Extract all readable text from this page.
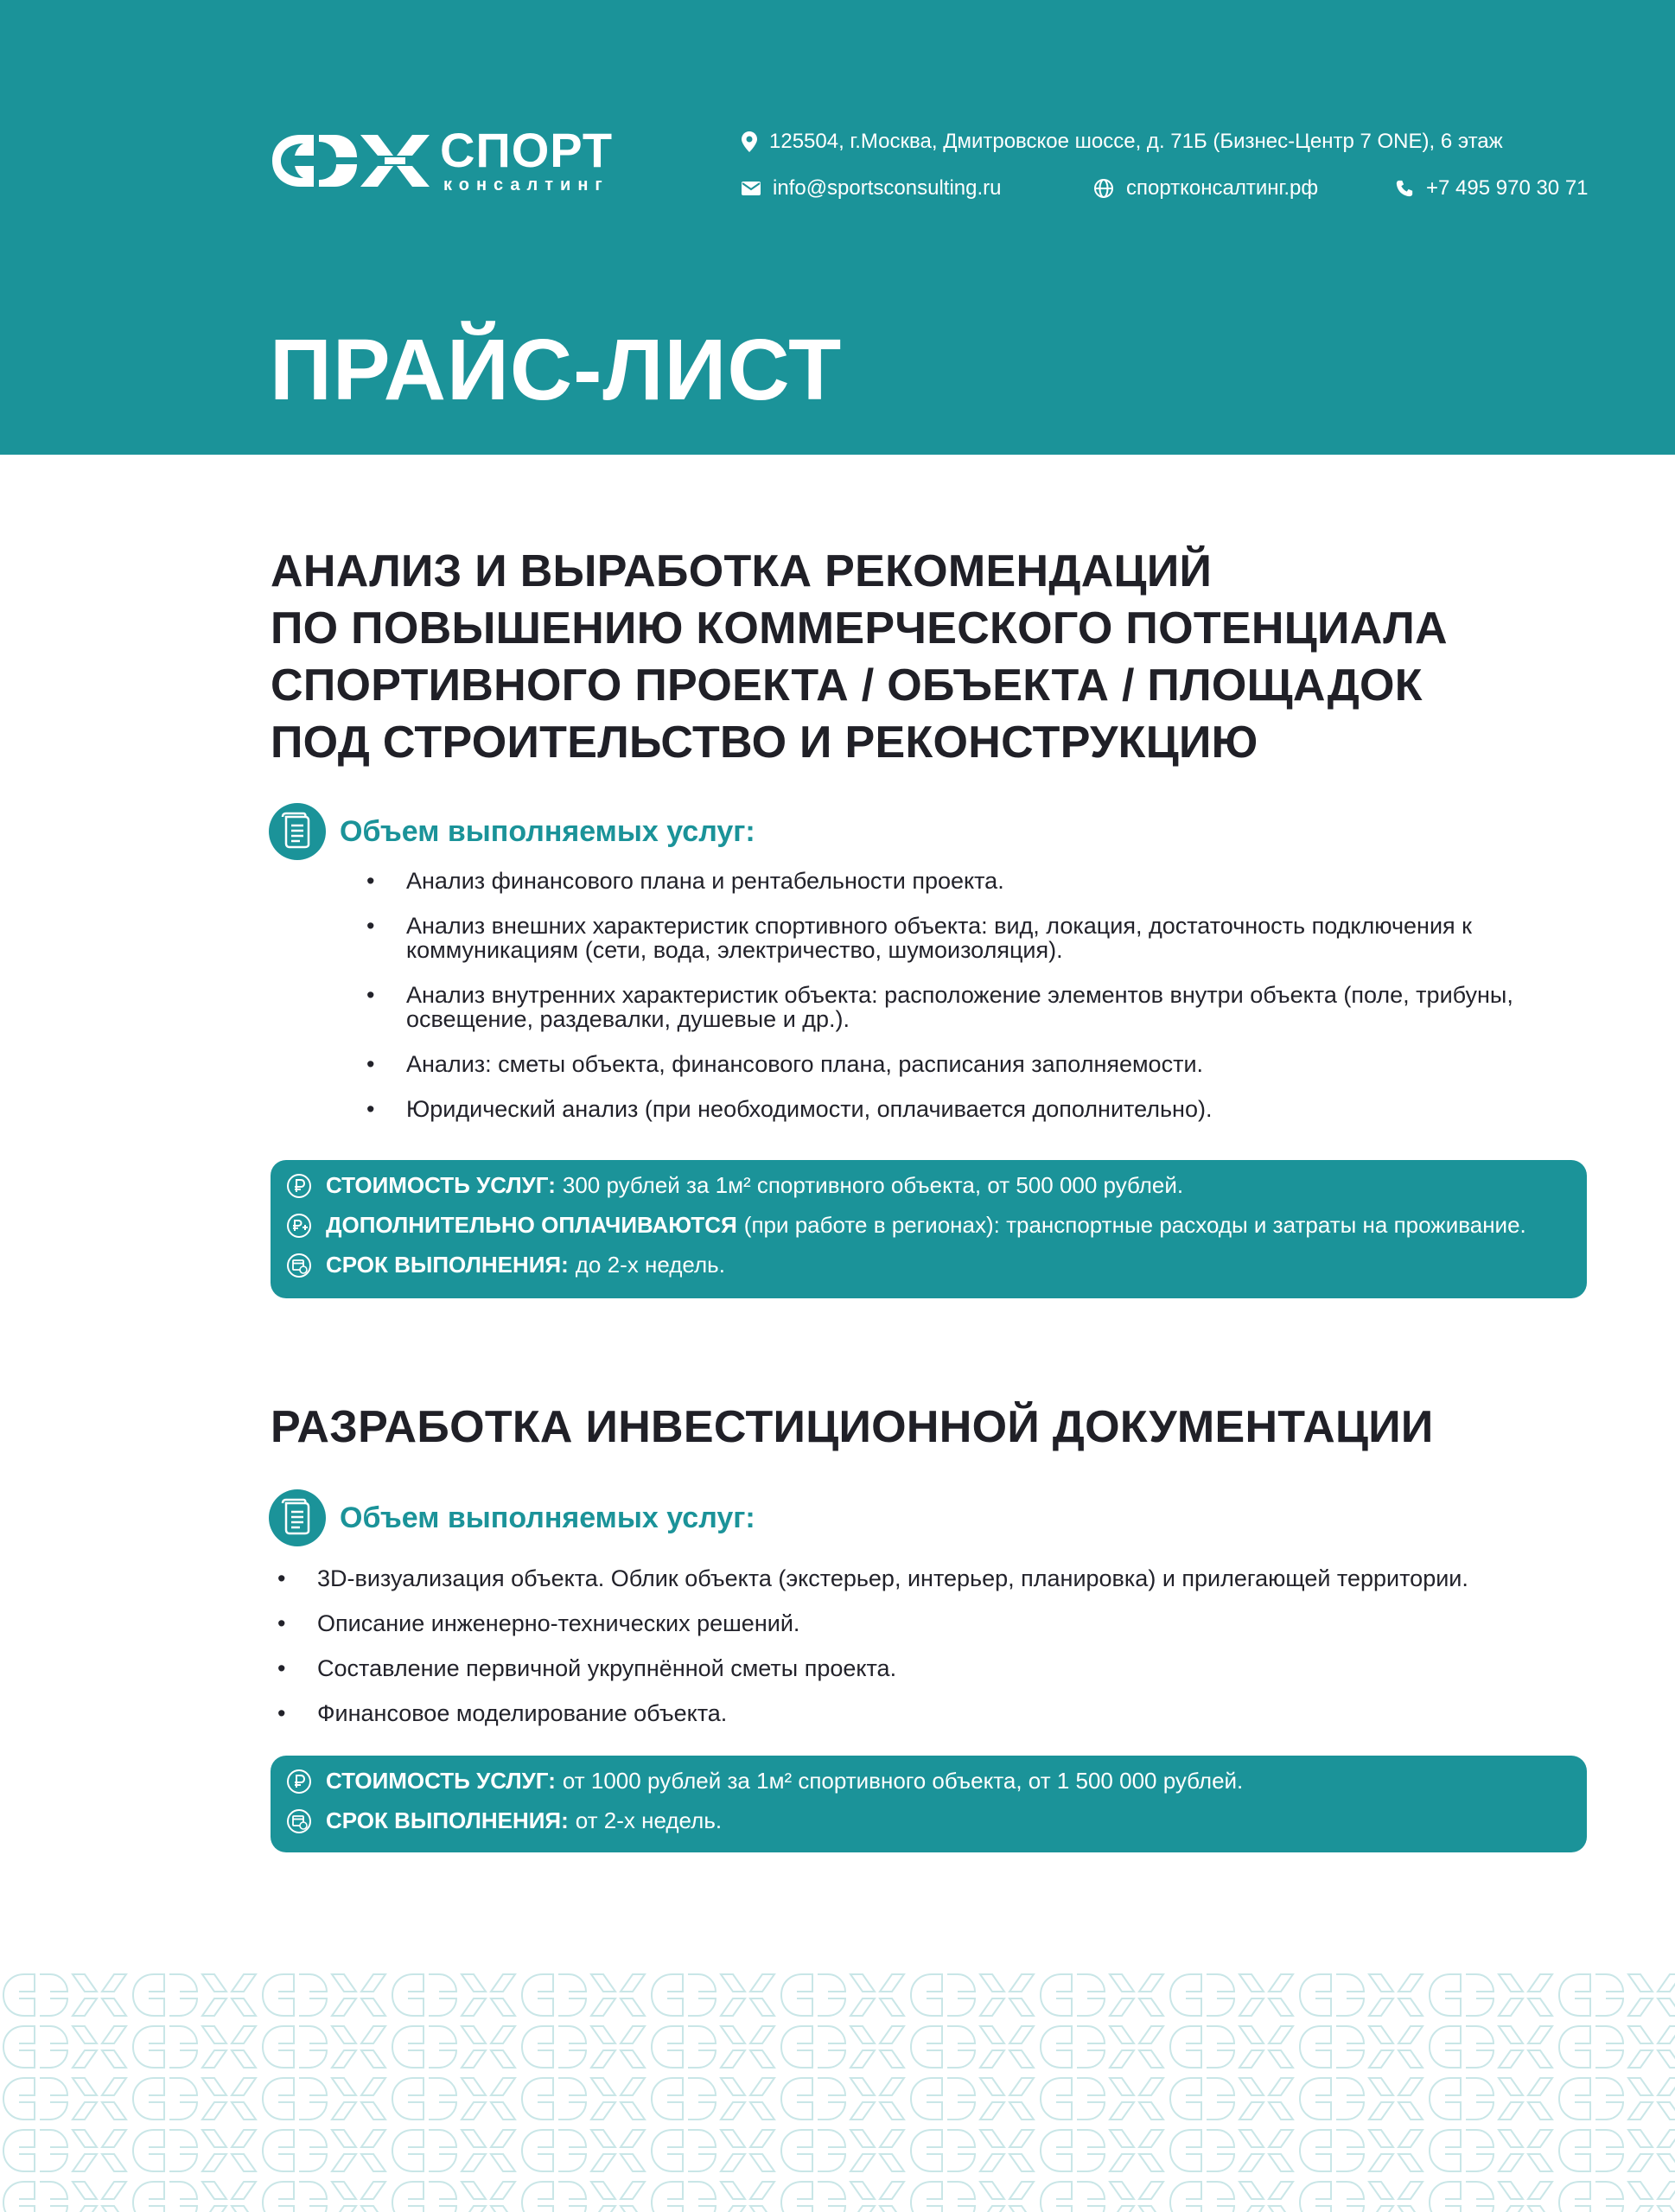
СПОРТ
консалтинг
125504, г.Москва, Дмитровское шоссе, д. 71Б (Бизнес-Центр 7 ONE), 6 этаж
info@sportsconsulting.ru	спортконсалтинг.рф	+7 495 970 30 71
ПРАЙС-ЛИСТ
АНАЛИЗ И ВЫРАБОТКА РЕКОМЕНДАЦИЙ
ПО ПОВЫШЕНИЮ КОММЕРЧЕСКОГО ПОТЕНЦИАЛА
СПОРТИВНОГО ПРОЕКТА / ОБЪЕКТА / ПЛОЩАДОК
ПОД СТРОИТЕЛЬСТВО И РЕКОНСТРУКЦИЮ
Объем выполняемых услуг:
• Анализ финансового плана и рентабельности проекта.
• Анализ внешних характеристик спортивного объекта: вид, локация, достаточность подключения к коммуникациям (сети, вода, электричество, шумоизоляция).
• Анализ внутренних характеристик объекта: расположение элементов внутри объекта (поле, трибуны, освещение, раздевалки, душевые и др.).
• Анализ: сметы объекта, финансового плана, расписания заполняемости.
• Юридический анализ (при необходимости, оплачивается дополнительно).
СТОИМОСТЬ УСЛУГ: 300 рублей за 1м² спортивного объекта, от 500 000 рублей.
ДОПОЛНИТЕЛЬНО ОПЛАЧИВАЮТСЯ (при работе в регионах): транспортные расходы и затраты на проживание.
СРОК ВЫПОЛНЕНИЯ: до 2-х недель.
РАЗРАБОТКА ИНВЕСТИЦИОННОЙ ДОКУМЕНТАЦИИ
Объем выполняемых услуг:
• 3D-визуализация объекта. Облик объекта (экстерьер, интерьер, планировка) и прилегающей территории.
• Описание инженерно-технических решений.
• Составление первичной укрупнённой сметы проекта.
• Финансовое моделирование объекта.
СТОИМОСТЬ УСЛУГ: от 1000 рублей за 1м² спортивного объекта, от 1 500 000 рублей.
СРОК ВЫПОЛНЕНИЯ: от 2-х недель.
